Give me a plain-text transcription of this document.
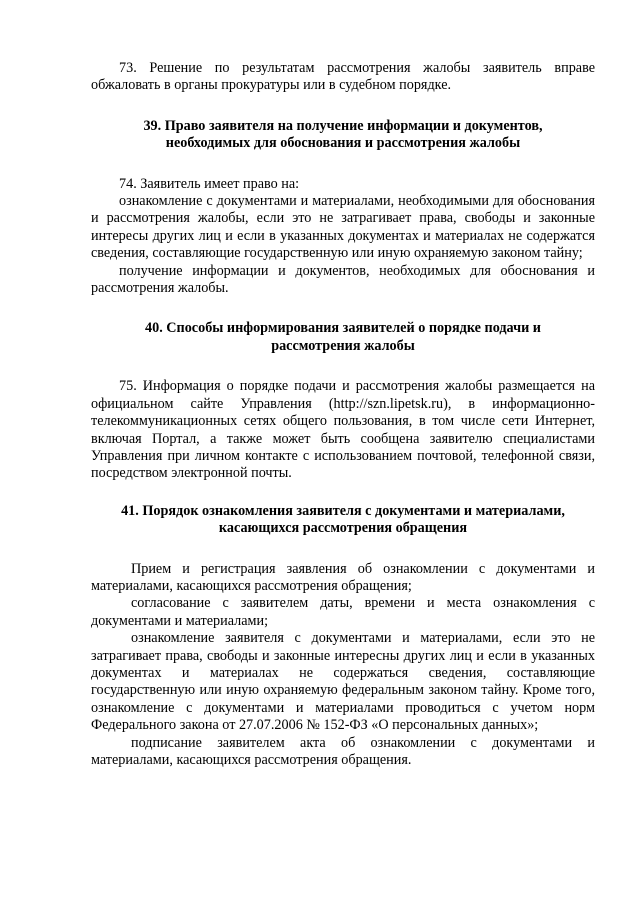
73. Решение по результатам рассмотрения жалобы заявитель вправе обжаловать в органы прокуратуры или в судебном порядке.

39. Право заявителя на получение информации и документов,
необходимых для обоснования и рассмотрения жалобы

74. Заявитель имеет право на:

ознакомление с документами и материалами, необходимыми для обоснования и рассмотрения жалобы, если это не затрагивает права, свободы и законные интересы других лиц и если в указанных документах и материалах не содержатся сведения, составляющие государственную или иную охраняемую законом тайну;

получение информации и документов, необходимых для обоснования и рассмотрения жалобы.

40. Способы информирования заявителей о порядке подачи и
рассмотрения жалобы

75. Информация о порядке подачи и рассмотрения жалобы размещается на официальном сайте Управления (http://szn.lipetsk.ru), в информационно-телекоммуникационных сетях общего пользования, в том числе сети Интернет, включая Портал, а также может быть сообщена заявителю специалистами Управления при личном контакте с использованием почтовой, телефонной связи, посредством электронной почты.

41. Порядок ознакомления заявителя с документами и материалами,
касающихся рассмотрения обращения

Прием и регистрация заявления об ознакомлении с документами и материалами, касающихся рассмотрения обращения;

согласование с заявителем даты, времени и места ознакомления с документами и материалами;

ознакомление заявителя с документами и материалами, если это не затрагивает права, свободы и законные интересны других лиц и если в указанных документах и материалах не содержаться сведения, составляющие государственную или иную охраняемую федеральным законом тайну. Кроме того, ознакомление с документами и материалами проводиться с учетом норм Федерального закона от 27.07.2006 № 152-ФЗ «О персональных данных»;

подписание заявителем акта об ознакомлении с документами и материалами, касающихся рассмотрения обращения.
